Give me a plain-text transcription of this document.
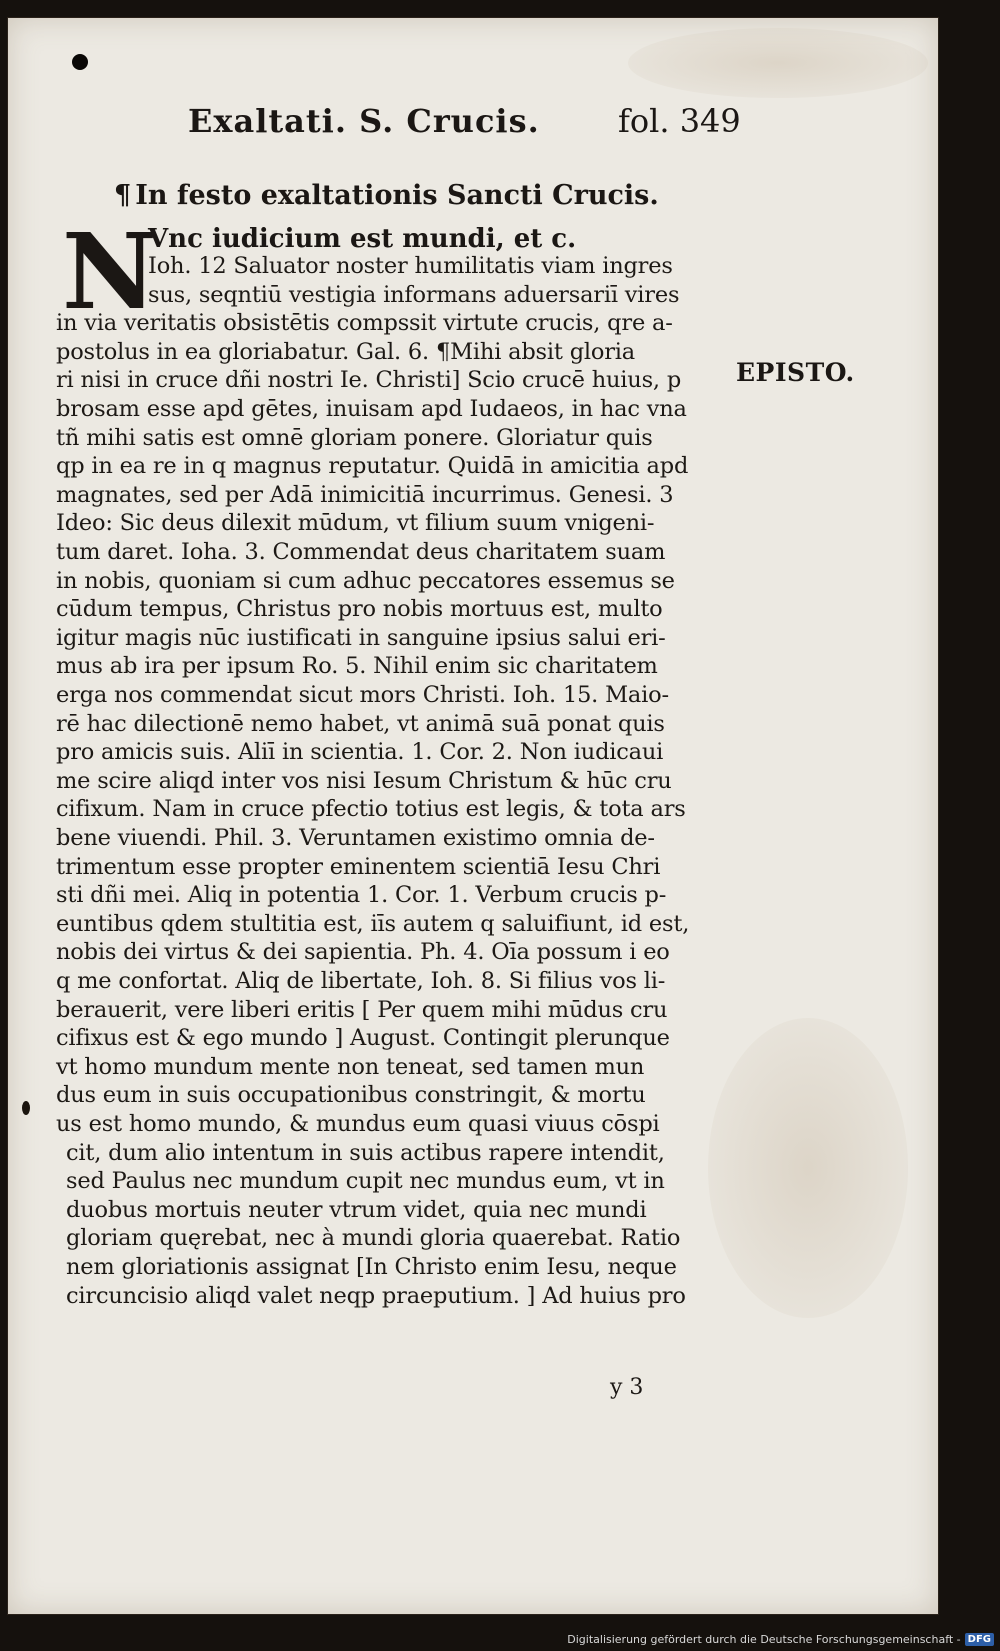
Exaltati. S. Crucis. fol. 349
¶ In festo exaltationis Sancti Crucis.
N
Vnc iudicium est mundi, et c.
Ioh. 12 Saluator noster humilitatis viam ingres
sus, seqntiū vestigia informans aduersariī vires
in via veritatis obsistētis compssit virtute crucis, qre a-
postolus in ea gloriabatur. Gal. 6. ¶Mihi absit gloria
ri nisi in cruce dñi nostri Ie. Christi] Scio crucē huius, p
brosam esse apd gētes, inuisam apd Iudaeos, in hac vna
tñ mihi satis est omnē gloriam ponere. Gloriatur quis
qp in ea re in q magnus reputatur. Quidā in amicitia apd
magnates, sed per Adā inimicitiā incurrimus. Genesi. 3
Ideo: Sic deus dilexit mūdum, vt filium suum vnigeni-
tum daret. Ioha. 3. Commendat deus charitatem suam
in nobis, quoniam si cum adhuc peccatores essemus se
cūdum tempus, Christus pro nobis mortuus est, multo
igitur magis nūc iustificati in sanguine ipsius salui eri-
mus ab ira per ipsum Ro. 5. Nihil enim sic charitatem
erga nos commendat sicut mors Christi. Ioh. 15. Maio-
rē hac dilectionē nemo habet, vt animā suā ponat quis
pro amicis suis. Aliī in scientia. 1. Cor. 2. Non iudicaui
me scire aliqd inter vos nisi Iesum Christum & hūc cru
cifixum. Nam in cruce pfectio totius est legis, & tota ars
bene viuendi. Phil. 3. Veruntamen existimo omnia de-
trimentum esse propter eminentem scientiā Iesu Chri
sti dñi mei. Aliq in potentia 1. Cor. 1. Verbum crucis p-
euntibus qdem stultitia est, iīs autem q saluifiunt, id est,
nobis dei virtus & dei sapientia. Ph. 4. Oīa possum i eo
q me confortat. Aliq de libertate, Ioh. 8. Si filius vos li-
berauerit, vere liberi eritis [ Per quem mihi mūdus cru
cifixus est & ego mundo ] August. Contingit plerunque
vt homo mundum mente non teneat, sed tamen mun
dus eum in suis occupationibus constringit, & mortu
us est homo mundo, & mundus eum quasi viuus cōspi
cit, dum alio intentum in suis actibus rapere intendit,
sed Paulus nec mundum cupit nec mundus eum, vt in
duobus mortuis neuter vtrum videt, quia nec mundi
gloriam quęrebat, nec à mundi gloria quaerebat. Ratio
nem gloriationis assignat [In Christo enim Iesu, neque
circuncisio aliqd valet neqp praeputium. ] Ad huius pro
EPISTO.
y 3
Digitalisierung gefördert durch die Deutsche Forschungsgemeinschaft - DFG
